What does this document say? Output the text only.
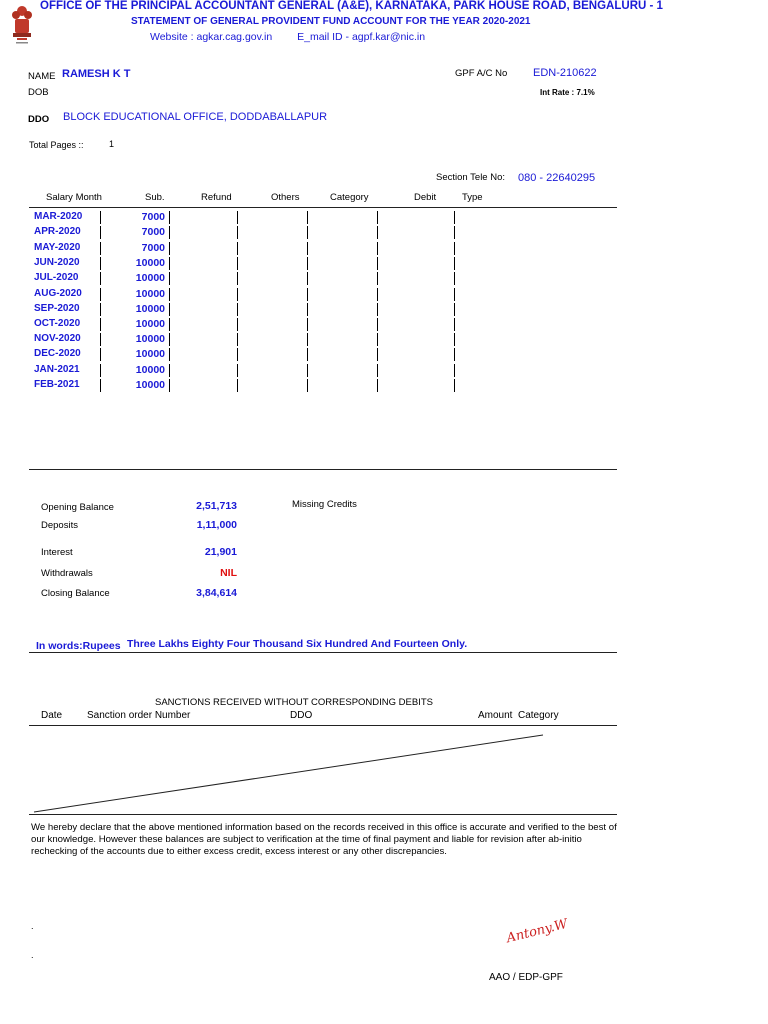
OFFICE OF THE PRINCIPAL ACCOUNTANT GENERAL (A&E), KARNATAKA, PARK HOUSE ROAD, BENGALURU - 1
STATEMENT OF GENERAL PROVIDENT FUND ACCOUNT FOR THE YEAR 2020-2021
Website : agkar.cag.gov.in E_mail ID - agpf.kar@nic.in
NAME RAMESH K T
DOB
GPF A/C No EDN-210622
Int Rate : 7.1%
DDO BLOCK EDUCATIONAL OFFICE, DODDABALLAPUR
Total Pages ::	1
Section Tele No: 080 - 22640295
Salary Month	Sub.	Refund	Others	Category	Debit	Type
MAR-2020	7000
APR-2020	7000
MAY-2020	7000
JUN-2020	10000
JUL-2020	10000
AUG-2020	10000
SEP-2020	10000
OCT-2020	10000
NOV-2020	10000
DEC-2020	10000
JAN-2021	10000
FEB-2021	10000
Opening Balance	2,51,713
Deposits	1,11,000
Interest	21,901
Withdrawals	NIL
Closing Balance	3,84,614
Missing Credits
In words:Rupees Three Lakhs Eighty Four Thousand Six Hundred And Fourteen Only.
SANCTIONS RECEIVED WITHOUT CORRESPONDING DEBITS
Date Sanction order Number	DDO	Amount Category
We hereby declare that the above mentioned information based on the records received in this office is accurate and verified to the best of our knowledge. However these balances are subject to verification at the time of final payment and liable for revision after ab-initio rechecking of the accounts due to either excess credit, excess interest or any other discrepancies.
.
.
Antony.W
AAO / EDP-GPF
